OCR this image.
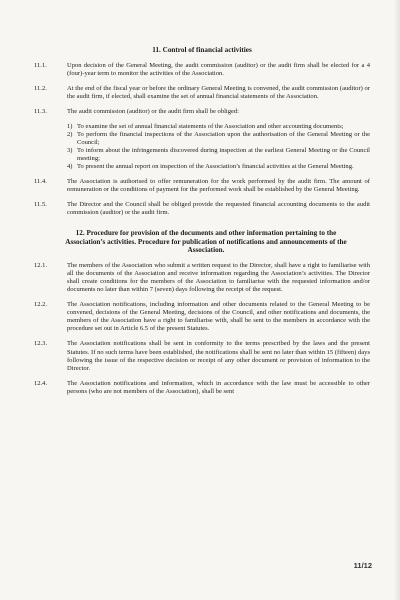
11. Control of financial activities
11.1.	Upon decision of the General Meeting, the audit commission (auditor) or the audit firm shall be elected for a 4 (four)-year term to monitor the activities of the Association.

11.2.	At the end of the fiscal year or before the ordinary General Meeting is convened, the audit commission (auditor) or the audit firm, if elected, shall examine the set of annual financial statements of the Association.

11.3.	The audit commission (auditor) or the audit firm shall be obliged:

1) To examine the set of annual financial statements of the Association and other accounting documents;
2) To perform the financial inspections of the Association upon the authorisation of the General Meeting or the Council;
3) To inform about the infringements discovered during inspection at the earliest General Meeting or the Council meeting;
4) To present the annual report on inspection of the Association’s financial activities at the General Meeting.
11.4.	The Association is authorised to offer remuneration for the work performed by the audit firm. The amount of remuneration or the conditions of payment for the performed work shall be established by the General Meeting.

11.5.	The Director and the Council shall be obliged provide the requested financial accounting documents to the audit commission (auditor) or the audit firm.

12. Procedure for provision of the documents and other information pertaining to the Association’s activities. Procedure for publication of notifications and announcements of the Association.
12.1.	The members of the Association who submit a written request to the Director, shall have a right to familiarise with all the documents of the Association and receive information regarding the Association’s activities. The Director shall create conditions for the members of the Association to familiarise with the requested information and/or documents no later than within 7 (seven) days following the receipt of the request.

12.2.	The Association notifications, including information and other documents related to the General Meeting to be convened, decisions of the General Meeting, decisions of the Council, and other notifications and documents, the members of the Association have a right to familiarise with, shall be sent to the members in accordance with the procedure set out in Article 6.5 of the present Statutes.

12.3.	The Association notifications shall be sent in conformity to the terms prescribed by the laws and the present Statutes. If no such terms have been established, the notifications shall be sent no later than within 15 (fifteen) days following the issue of the respective decision or receipt of any other document or provision of information to the Director.

12.4.	The Association notifications and information, which in accordance with the law must be accessible to other persons (who are not members of the Association), shall be sent

11/12
